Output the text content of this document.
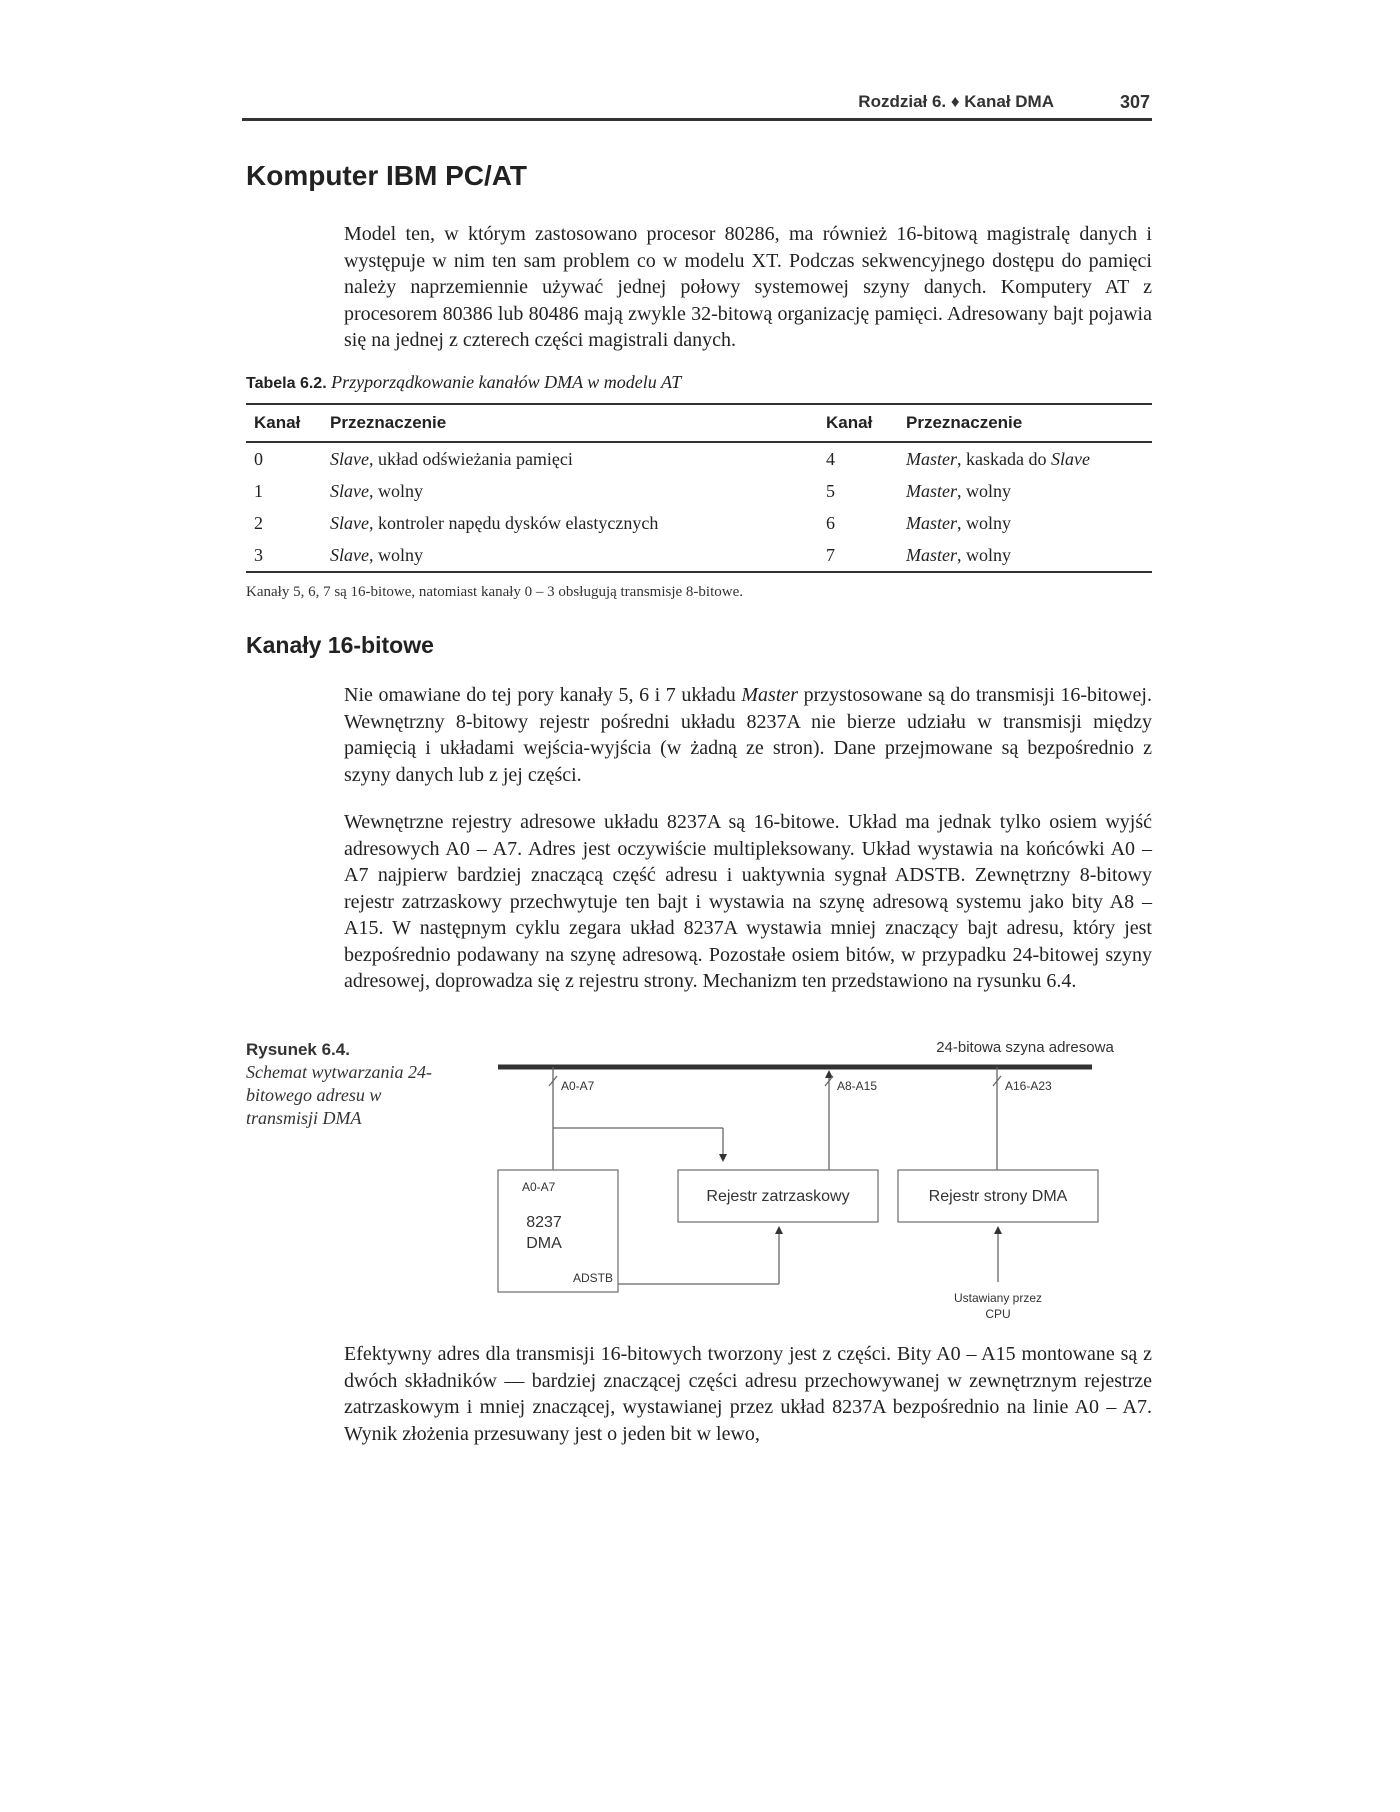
Rozdział 6. ♦ Kanał DMA	307
Komputer IBM PC/AT

Model ten, w którym zastosowano procesor 80286, ma również 16-bitową magistralę danych i występuje w nim ten sam problem co w modelu XT. Podczas sekwencyjnego dostępu do pamięci należy naprzemiennie używać jednej połowy systemowej szyny danych. Komputery AT z procesorem 80386 lub 80486 mają zwykle 32-bitową organizację pamięci. Adresowany bajt pojawia się na jednej z czterech części magistrali danych.

Tabela 6.2. Przyporządkowanie kanałów DMA w modelu AT
Kanał	Przeznaczenie	Kanał	Przeznaczenie
0	Slave, układ odświeżania pamięci	4	Master, kaskada do Slave
1	Slave, wolny	5	Master, wolny
2	Slave, kontroler napędu dysków elastycznych	6	Master, wolny
3	Slave, wolny	7	Master, wolny
Kanały 5, 6, 7 są 16-bitowe, natomiast kanały 0 – 3 obsługują transmisje 8-bitowe.
Kanały 16-bitowe

Nie omawiane do tej pory kanały 5, 6 i 7 układu Master przystosowane są do transmisji 16-bitowej. Wewnętrzny 8-bitowy rejestr pośredni układu 8237A nie bierze udziału w transmisji między pamięcią i układami wejścia-wyjścia (w żadną ze stron). Dane przejmowane są bezpośrednio z szyny danych lub z jej części.

Wewnętrzne rejestry adresowe układu 8237A są 16-bitowe. Układ ma jednak tylko osiem wyjść adresowych A0 – A7. Adres jest oczywiście multipleksowany. Układ wystawia na końcówki A0 – A7 najpierw bardziej znaczącą część adresu i uaktywnia sygnał ADSTB. Zewnętrzny 8-bitowy rejestr zatrzaskowy przechwytuje ten bajt i wystawia na szynę adresową systemu jako bity A8 – A15. W następnym cyklu zegara układ 8237A wystawia mniej znaczący bajt adresu, który jest bezpośrednio podawany na szynę adresową. Pozostałe osiem bitów, w przypadku 24-bitowej szyny adresowej, doprowadza się z rejestru strony. Mechanizm ten przedstawiono na rysunku 6.4.

Rysunek 6.4.
Schemat wytwarzania 24-bitowego adresu w transmisji DMA
24-bitowa szyna adresowa
A0-A7	A8-A15	A16-A23
A0-A7
8237
DMA
ADSTB
Rejestr zatrzaskowy	Rejestr strony DMA
Ustawiany przez
CPU

Efektywny adres dla transmisji 16-bitowych tworzony jest z części. Bity A0 – A15 montowane są z dwóch składników — bardziej znaczącej części adresu przechowywanej w zewnętrznym rejestrze zatrzaskowym i mniej znaczącej, wystawianej przez układ 8237A bezpośrednio na linie A0 – A7. Wynik złożenia przesuwany jest o jeden bit w lewo,
